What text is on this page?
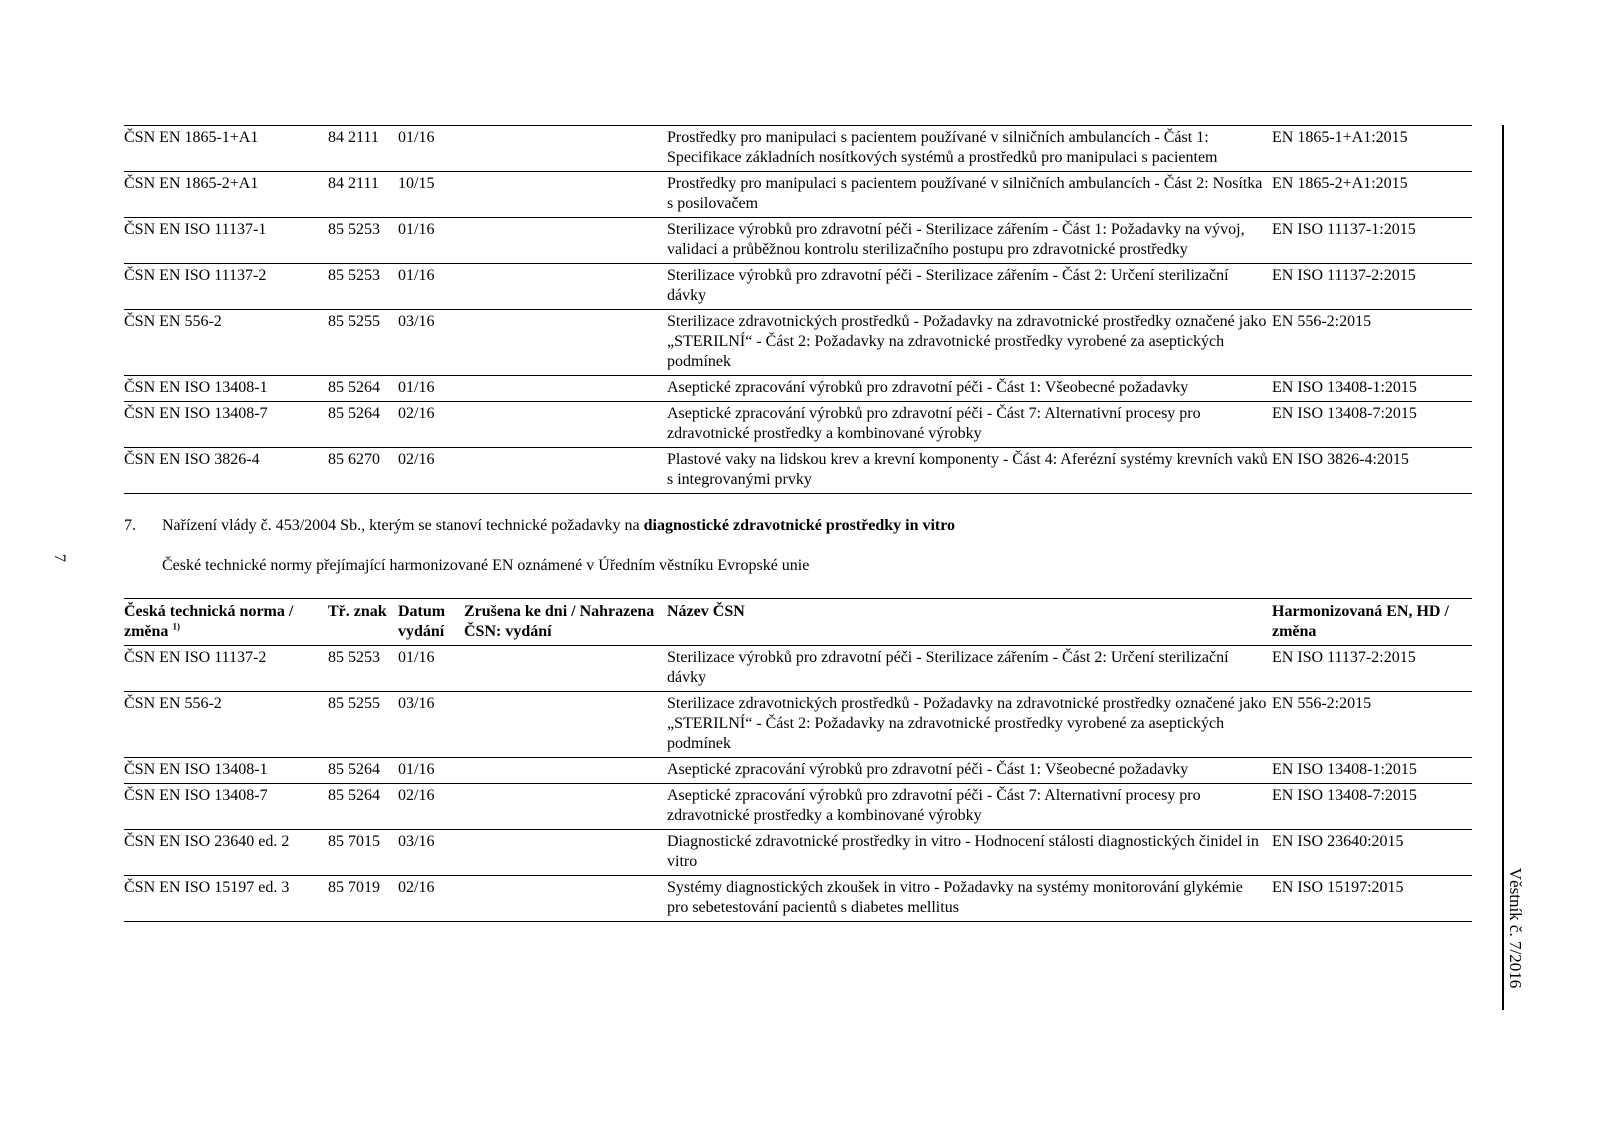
7
ČSN EN 1865-1+A1	84 2111	01/16		Prostředky pro manipulaci s pacientem používané v silničních ambulancích - Část 1: Specifikace základních nosítkových systémů a prostředků pro manipulaci s pacientem	EN 1865-1+A1:2015
ČSN EN 1865-2+A1	84 2111	10/15		Prostředky pro manipulaci s pacientem používané v silničních ambulancích - Část 2: Nosítka s posilovačem	EN 1865-2+A1:2015
ČSN EN ISO 11137-1	85 5253	01/16		Sterilizace výrobků pro zdravotní péči - Sterilizace zářením - Část 1: Požadavky na vývoj, validaci a průběžnou kontrolu sterilizačního postupu pro zdravotnické prostředky	EN ISO 11137-1:2015
ČSN EN ISO 11137-2	85 5253	01/16		Sterilizace výrobků pro zdravotní péči - Sterilizace zářením - Část 2: Určení sterilizační dávky	EN ISO 11137-2:2015
ČSN EN 556-2	85 5255	03/16		Sterilizace zdravotnických prostředků - Požadavky na zdravotnické prostředky označené jako „STERILNÍ“ - Část 2: Požadavky na zdravotnické prostředky vyrobené za aseptických podmínek	EN 556-2:2015
ČSN EN ISO 13408-1	85 5264	01/16		Aseptické zpracování výrobků pro zdravotní péči - Část 1: Všeobecné požadavky	EN ISO 13408-1:2015
ČSN EN ISO 13408-7	85 5264	02/16		Aseptické zpracování výrobků pro zdravotní péči - Část 7: Alternativní procesy pro zdravotnické prostředky a kombinované výrobky	EN ISO 13408-7:2015
ČSN EN ISO 3826-4	85 6270	02/16		Plastové vaky na lidskou krev a krevní komponenty - Část 4: Aferézní systémy krevních vaků s integrovanými prvky	EN ISO 3826-4:2015
7. Nařízení vlády č. 453/2004 Sb., kterým se stanoví technické požadavky na diagnostické zdravotnické prostředky in vitro
České technické normy přejímající harmonizované EN oznámené v Úředním věstníku Evropské unie
Česká technická norma / změna $^{1)}$	Tř. znak	Datum vydání	Zrušena ke dni / Nahrazena ČSN: vydání	Název ČSN	Harmonizovaná EN, HD / změna
ČSN EN ISO 11137-2	85 5253	01/16		Sterilizace výrobků pro zdravotní péči - Sterilizace zářením - Část 2: Určení sterilizační dávky	EN ISO 11137-2:2015
ČSN EN 556-2	85 5255	03/16		Sterilizace zdravotnických prostředků - Požadavky na zdravotnické prostředky označené jako „STERILNÍ“ - Část 2: Požadavky na zdravotnické prostředky vyrobené za aseptických podmínek	EN 556-2:2015
ČSN EN ISO 13408-1	85 5264	01/16		Aseptické zpracování výrobků pro zdravotní péči - Část 1: Všeobecné požadavky	EN ISO 13408-1:2015
ČSN EN ISO 13408-7	85 5264	02/16		Aseptické zpracování výrobků pro zdravotní péči - Část 7: Alternativní procesy pro zdravotnické prostředky a kombinované výrobky	EN ISO 13408-7:2015
ČSN EN ISO 23640 ed. 2	85 7015	03/16		Diagnostické zdravotnické prostředky in vitro - Hodnocení stálosti diagnostických činidel in vitro	EN ISO 23640:2015
ČSN EN ISO 15197 ed. 3	85 7019	02/16		Systémy diagnostických zkoušek in vitro - Požadavky na systémy monitorování glykémie pro sebetestování pacientů s diabetes mellitus	EN ISO 15197:2015	Věstník č. 7/2016
